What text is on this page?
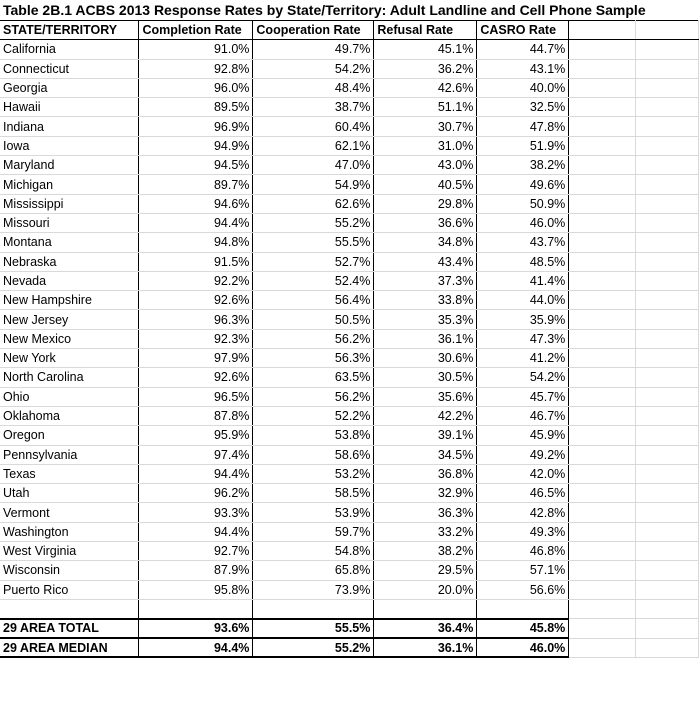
Table 2B.1 ACBS 2013 Response Rates by State/Territory: Adult Landline and Cell Phone Sample
STATE/TERRITORY	Completion Rate	Cooperation Rate	Refusal Rate	CASRO Rate		
California	91.0%	49.7%	45.1%	44.7%		
Connecticut	92.8%	54.2%	36.2%	43.1%		
Georgia	96.0%	48.4%	42.6%	40.0%		
Hawaii	89.5%	38.7%	51.1%	32.5%		
Indiana	96.9%	60.4%	30.7%	47.8%		
Iowa	94.9%	62.1%	31.0%	51.9%		
Maryland	94.5%	47.0%	43.0%	38.2%		
Michigan	89.7%	54.9%	40.5%	49.6%		
Mississippi	94.6%	62.6%	29.8%	50.9%		
Missouri	94.4%	55.2%	36.6%	46.0%		
Montana	94.8%	55.5%	34.8%	43.7%		
Nebraska	91.5%	52.7%	43.4%	48.5%		
Nevada	92.2%	52.4%	37.3%	41.4%		
New Hampshire	92.6%	56.4%	33.8%	44.0%		
New Jersey	96.3%	50.5%	35.3%	35.9%		
New Mexico	92.3%	56.2%	36.1%	47.3%		
New York	97.9%	56.3%	30.6%	41.2%		
North Carolina	92.6%	63.5%	30.5%	54.2%		
Ohio	96.5%	56.2%	35.6%	45.7%		
Oklahoma	87.8%	52.2%	42.2%	46.7%		
Oregon	95.9%	53.8%	39.1%	45.9%		
Pennsylvania	97.4%	58.6%	34.5%	49.2%		
Texas	94.4%	53.2%	36.8%	42.0%		
Utah	96.2%	58.5%	32.9%	46.5%		
Vermont	93.3%	53.9%	36.3%	42.8%		
Washington	94.4%	59.7%	33.2%	49.3%		
West Virginia	92.7%	54.8%	38.2%	46.8%		
Wisconsin	87.9%	65.8%	29.5%	57.1%		
Puerto Rico	95.8%	73.9%	20.0%	56.6%		

29 AREA TOTAL	93.6%	55.5%	36.4%	45.8%		
29 AREA MEDIAN	94.4%	55.2%	36.1%	46.0%		
